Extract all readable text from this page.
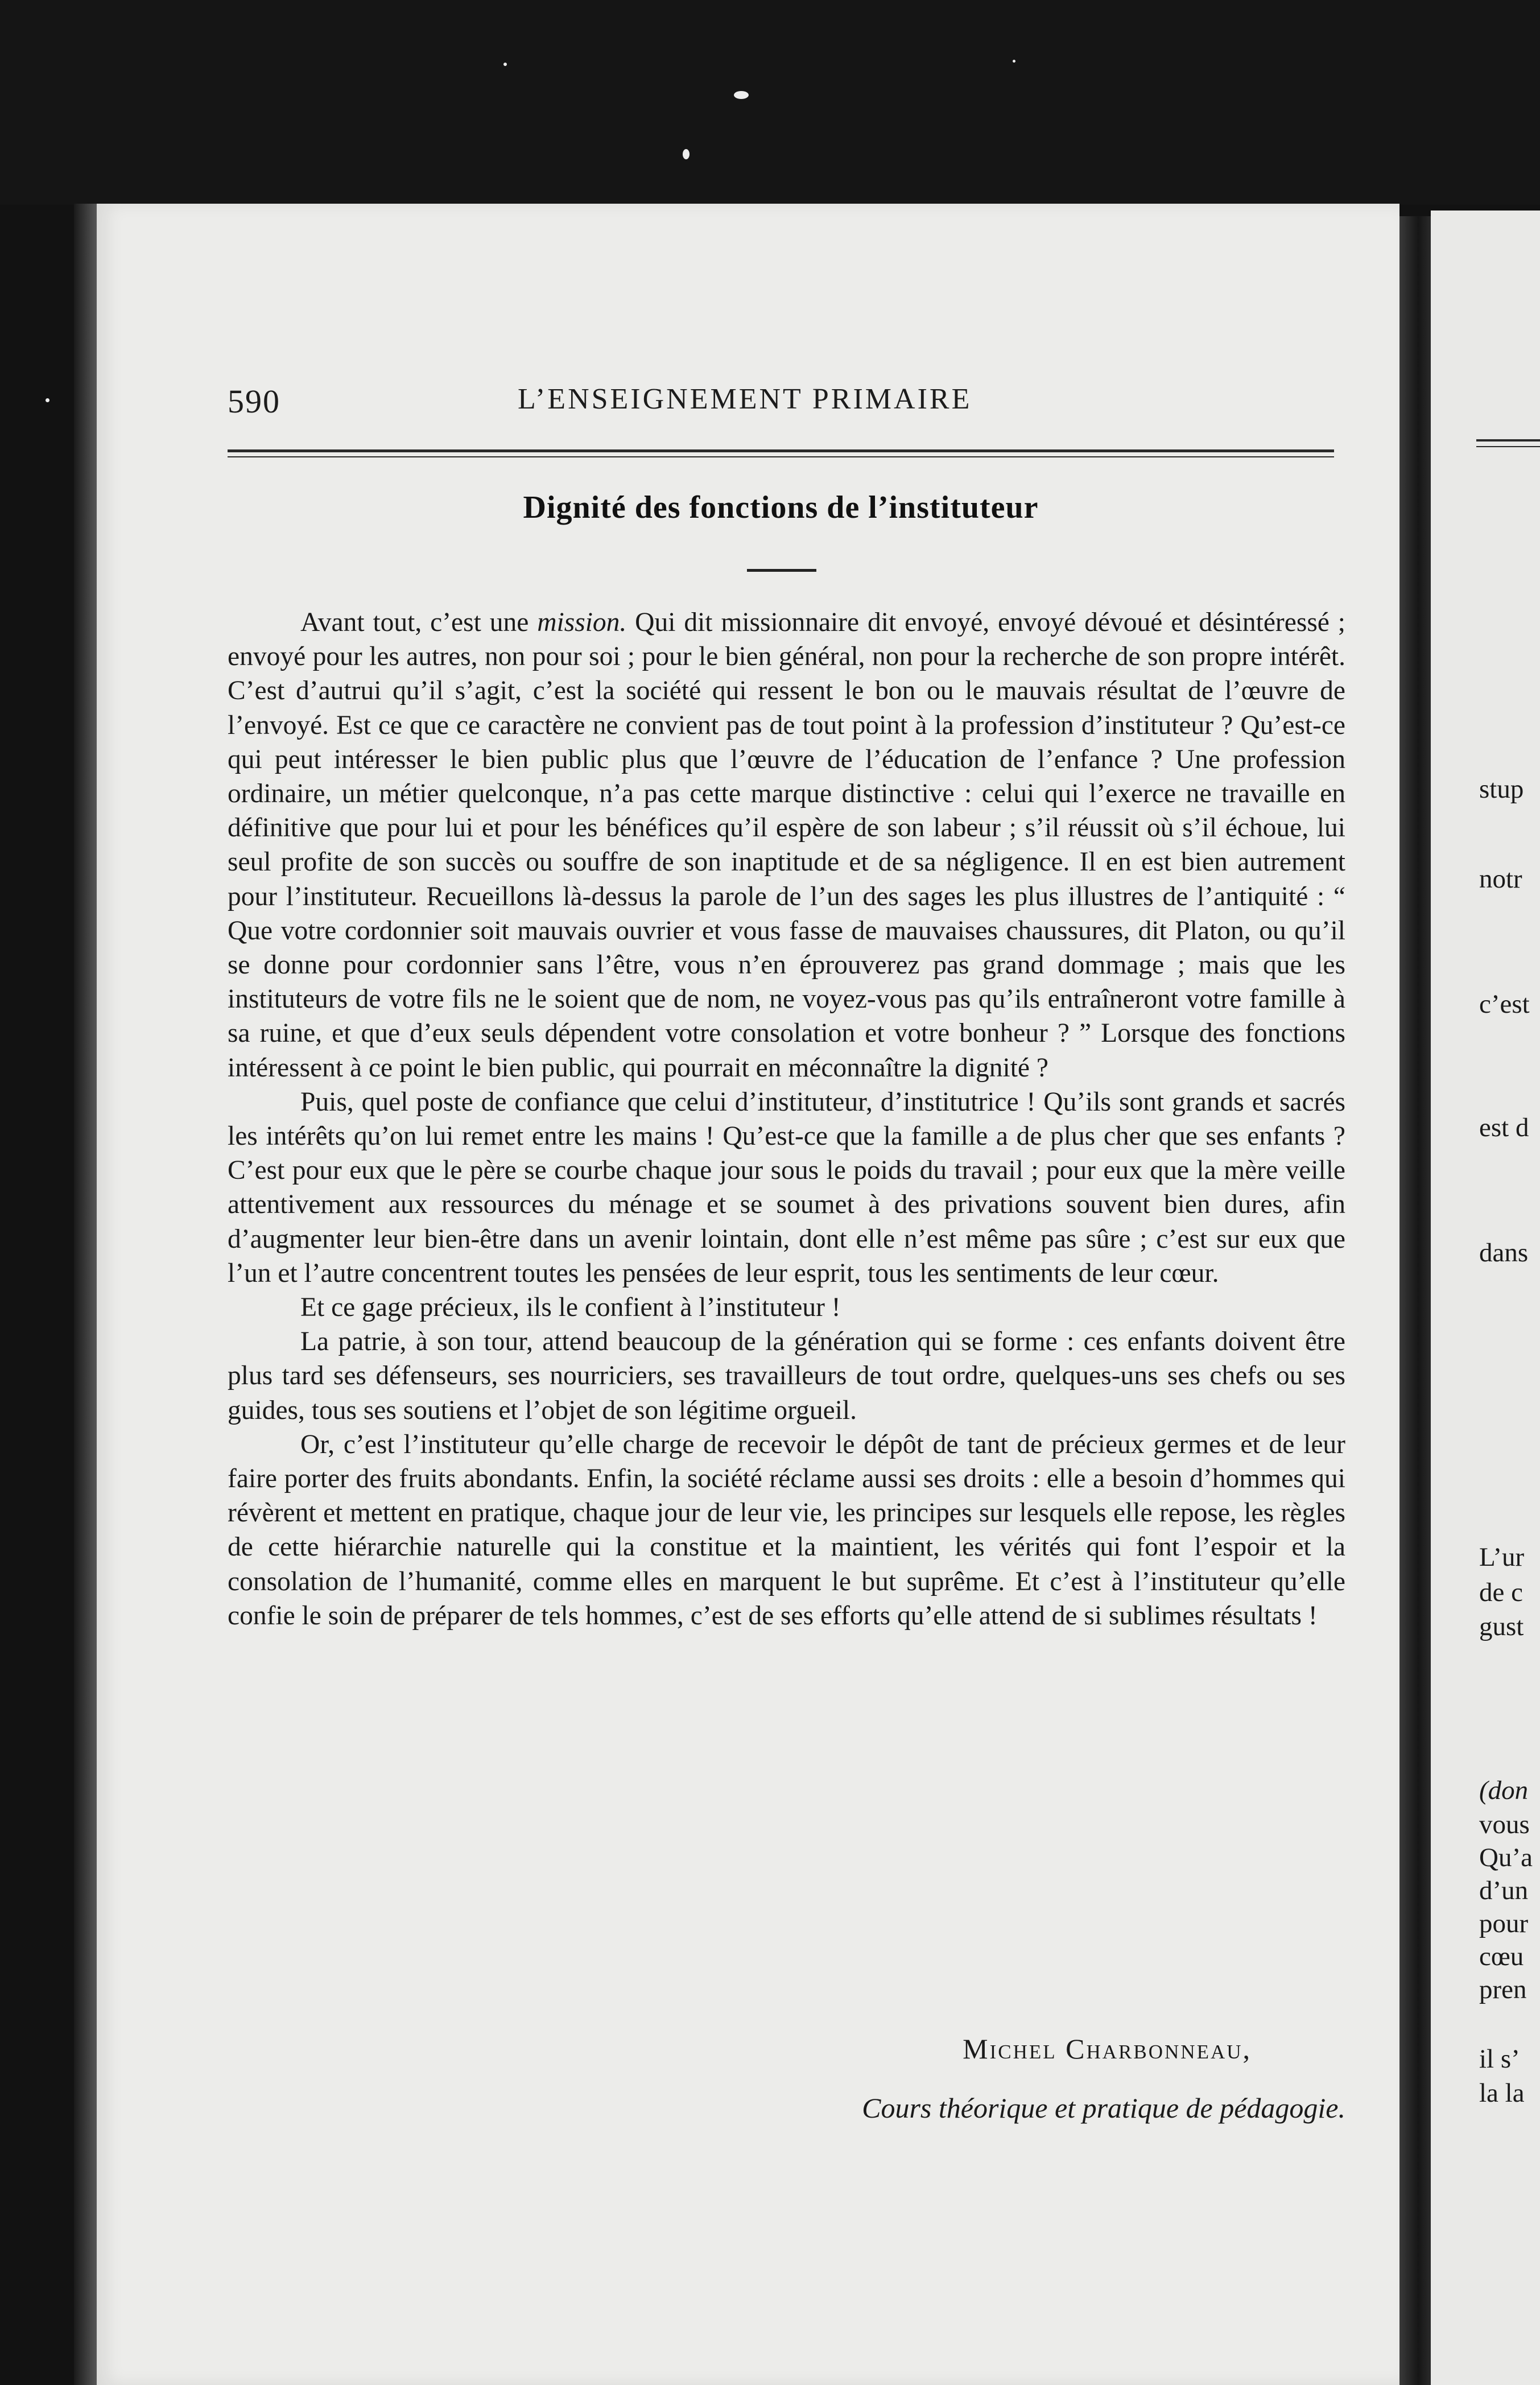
590	L’ENSEIGNEMENT PRIMAIRE
Dignité des fonctions de l’instituteur

Avant tout, c’est une mission. Qui dit missionnaire dit envoyé, envoyé dévoué et désintéressé ; envoyé pour les autres, non pour soi ; pour le bien général, non pour la recherche de son propre intérêt. C’est d’autrui qu’il s’agit, c’est la société qui ressent le bon ou le mauvais résultat de l’œuvre de l’envoyé. Est ce que ce caractère ne convient pas de tout point à la profession d’instituteur ? Qu’est-ce qui peut intéresser le bien public plus que l’œuvre de l’éducation de l’enfance ? Une profession ordinaire, un métier quelconque, n’a pas cette marque distinctive : celui qui l’exerce ne travaille en définitive que pour lui et pour les bénéfices qu’il espère de son labeur ; s’il réussit où s’il échoue, lui seul profite de son succès ou souffre de son inaptitude et de sa négligence. Il en est bien autrement pour l’instituteur. Recueillons là-dessus la parole de l’un des sages les plus illustres de l’antiquité : “ Que votre cordonnier soit mauvais ouvrier et vous fasse de mauvaises chaussures, dit Platon, ou qu’il se donne pour cordonnier sans l’être, vous n’en éprouverez pas grand dommage ; mais que les instituteurs de votre fils ne le soient que de nom, ne voyez-vous pas qu’ils entraîneront votre famille à sa ruine, et que d’eux seuls dépendent votre consolation et votre bonheur ? ” Lorsque des fonctions intéressent à ce point le bien public, qui pourrait en méconnaître la dignité ?

Puis, quel poste de confiance que celui d’instituteur, d’institutrice ! Qu’ils sont grands et sacrés les intérêts qu’on lui remet entre les mains ! Qu’est-ce que la famille a de plus cher que ses enfants ? C’est pour eux que le père se courbe chaque jour sous le poids du travail ; pour eux que la mère veille attentivement aux ressources du ménage et se soumet à des privations souvent bien dures, afin d’augmenter leur bien-être dans un avenir lointain, dont elle n’est même pas sûre ; c’est sur eux que l’un et l’autre concentrent toutes les pensées de leur esprit, tous les sentiments de leur cœur.

Et ce gage précieux, ils le confient à l’instituteur !

La patrie, à son tour, attend beaucoup de la génération qui se forme : ces enfants doivent être plus tard ses défenseurs, ses nourriciers, ses travailleurs de tout ordre, quelques-uns ses chefs ou ses guides, tous ses soutiens et l’objet de son légitime orgueil.

Or, c’est l’instituteur qu’elle charge de recevoir le dépôt de tant de précieux germes et de leur faire porter des fruits abondants. Enfin, la société réclame aussi ses droits : elle a besoin d’hommes qui révèrent et mettent en pratique, chaque jour de leur vie, les principes sur lesquels elle repose, les règles de cette hiérarchie naturelle qui la constitue et la maintient, les vérités qui font l’espoir et la consolation de l’humanité, comme elles en marquent le but suprême. Et c’est à l’instituteur qu’elle confie le soin de préparer de tels hommes, c’est de ses efforts qu’elle attend de si sublimes résultats !

Michel Charbonneau,
Cours théorique et pratique de pédagogie.
stup
notr
c’est
est d
dans
L’ur
de c
gust
(don
vous
Qu’a
d’un
pour
cœu
pren
il s’
la la
